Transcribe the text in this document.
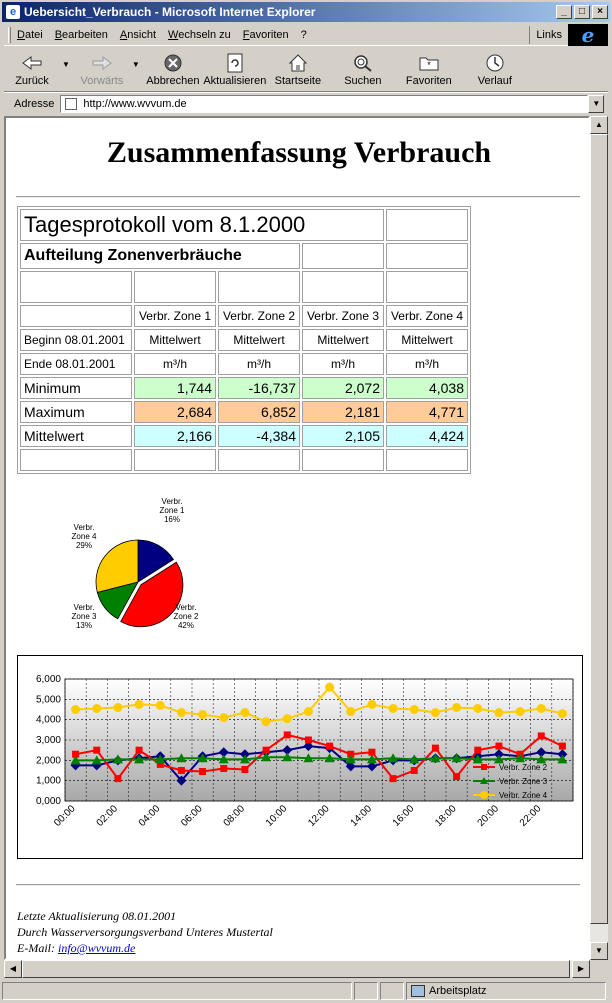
e Uebersicht_Verbrauch - Microsoft Internet Explorer	_	□	×
Datei Bearbeiten Ansicht Wechseln zu Favoriten ?	Links e
Zurück
▼
Vorwärts
▼
Abbrechen Aktualisieren Startseite Suchen
*
Favoriten Verlauf
Adresse	http://www.wvvum.de	▼
Zusammenfassung Verbrauch
Tagesprotokoll vom 8.1.2000				
Aufteilung Zonenverbräuche				

	Verbr. Zone 1	Verbr. Zone 2	Verbr. Zone 3	Verbr. Zone 4
Beginn 08.01.2001	Mittelwert	Mittelwert	Mittelwert	Mittelwert
Ende 08.01.2001	m³/h	m³/h	m³/h	m³/h
Minimum	1,744	-16,737	2,072	4,038
Maximum	2,684	6,852	2,181	4,771
Mittelwert	2,166	-4,384	2,105	4,424

Verbr. Zone 1 16%
Verbr. Zone 2 42%
Verbr. Zone 3 13%
Verbr. Zone 4 29%
0,000
1,000
2,000
3,000
4,000
5,000
6,000
00:00 02:00 04:00 06:00 08:00 10:00 12:00 14:00 16:00 18:00 20:00 22:00
Verbr. Zone 2
Verbr. Zone 3
Verbr. Zone 4
Letzte Aktualisierung 08.01.2001
Durch Wasserversorgungsverband Unteres Mustertal
E-Mail: info@wvvum.de
▲
▼
◀	▶
Arbeitsplatz
